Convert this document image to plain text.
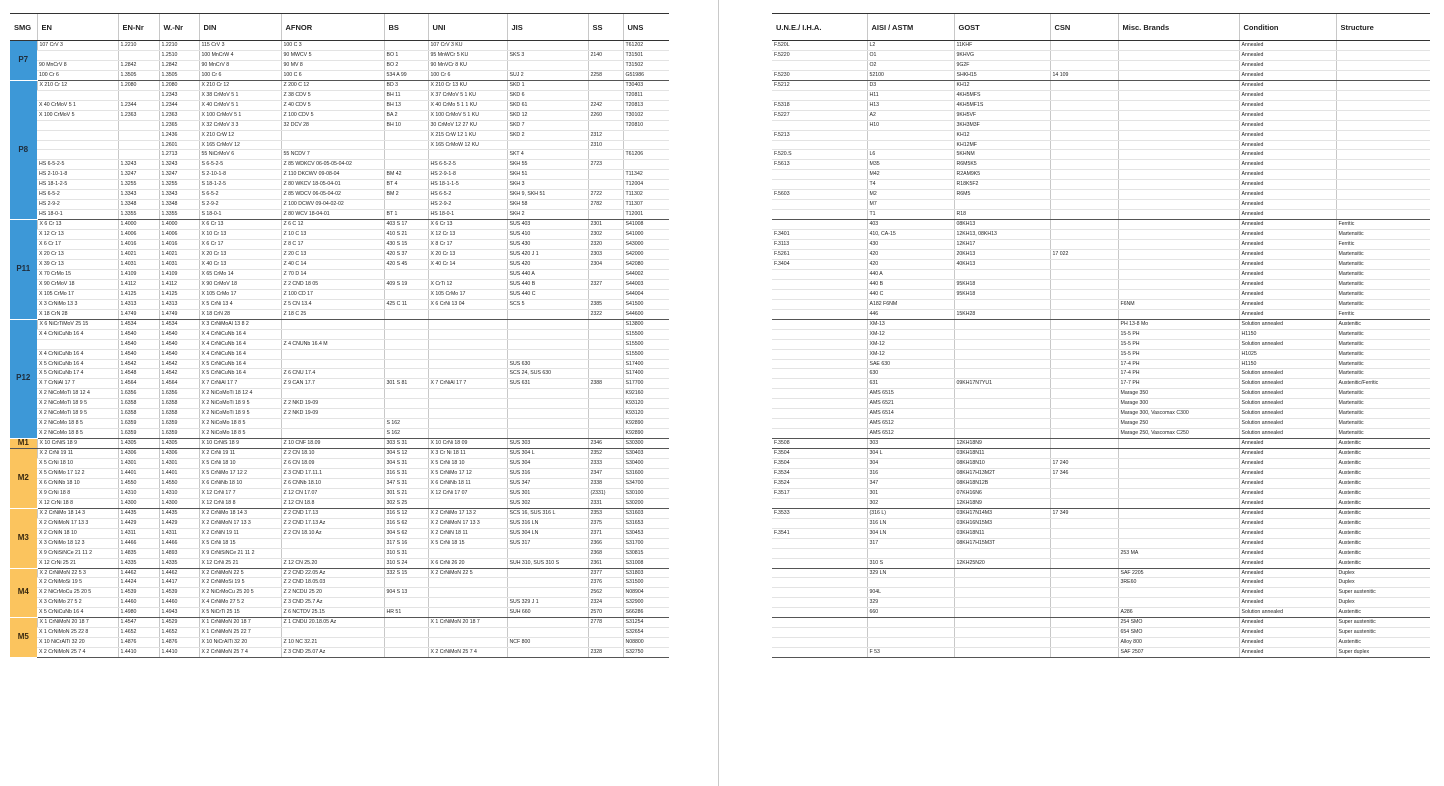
SMG	EN	EN-Nr	W.-Nr	DIN	AFNOR	BS	UNI	JIS	SS	UNS
P7	107 CrV 3	1.2210	1.2210	115 CrV 3	100 C 3		107 CrV 3 KU			T61202
			1.2510	100 MnCrW 4	90 MWCV 5	BO 1	95 MnWCr 5 KU	SKS 3	2140	T31501
	90 MnCrV 8	1.2842	1.2842	90 MnCrV 8	90 MV 8	BO 2	90 MnVCr 8 KU			T31502
	100 Cr 6	1.3505	1.3505	100 Cr 6	100 C 6	534 A 99	100 Cr 6	SUJ 2	2258	G51986
P8	X 210 Cr 12	1.2080	1.2080	X 210 Cr 12	Z 200 C 12	BD 3	X 210 Cr 13 KU	SKD 1		T30403
			1.2343	X 38 CrMoV 5 1	Z 38 CDV 5	BH 11	X 37 CrMoV 5 1 KU	SKD 6		T20811
	X 40 CrMoV 5 1	1.2344	1.2344	X 40 CrMoV 5 1	Z 40 CDV 5	BH 13	X 40 CrMo 5 1 1 KU	SKD 61	2242	T20813
	X 100 CrMoV 5	1.2363	1.2363	X 100 CrMoV 5 1	Z 100 CDV 5	BA 2	X 100 CrMoV 5 1 KU	SKD 12	2260	T30102
			1.2365	X 32 CrMoV 3 3	32 DCV 28	BH 10	30 CrMoV 12 27 KU	SKD 7		T20810
			1.2436	X 210 CrW 12			X 215 CrW 12 1 KU	SKD 2	2312	
			1.2601	X 165 CrMoV 12			X 165 CrMoW 12 KU		2310	
			1.2713	55 NiCrMoV 6	55 NCDV 7			SKT 4		T61206
	HS 6-5-2-5	1.3243	1.3243	S 6-5-2-5	Z 85 WDKCV 06-05-05-04-02		HS 6-5-2-5	SKH 55	2723	
	HS 2-10-1-8	1.3247	1.3247	S 2-10-1-8	Z 110 DKCWV 09-08-04	BM 42	HS 2-9-1-8	SKH 51		T11342
	HS 18-1-2-5	1.3255	1.3255	S 18-1-2-5	Z 80 WKCV 18-05-04-01	BT 4	HS 18-1-1-5	SKH 3		T12004
	HS 6-5-2	1.3343	1.3343	S 6-5-2	Z 85 WDCV 06-05-04-02	BM 2	HS 6-5-2	SKH 9, SKH 51	2722	T11302
	HS 2-9-2	1.3348	1.3348	S 2-9-2	Z 100 DCWV 09-04-02-02		HS 2-9-2	SKH 58	2782	T11307
	HS 18-0-1	1.3355	1.3355	S 18-0-1	Z 80 WCV 18-04-01	BT 1	HS 18-0-1	SKH 2		T12001
P11	X 6 Cr 13	1.4000	1.4000	X 6 Cr 13	Z 6 C 12	403 S 17	X 6 Cr 13	SUS 403	2301	S41008
	X 12 Cr 13	1.4006	1.4006	X 10 Cr 13	Z 10 C 13	410 S 21	X 12 Cr 13	SUS 410	2302	S41000
	X 6 Cr 17	1.4016	1.4016	X 6 Cr 17	Z 8 C 17	430 S 15	X 8 Cr 17	SUS 430	2320	S43000
	X 20 Cr 13	1.4021	1.4021	X 20 Cr 13	Z 20 C 13	420 S 37	X 20 Cr 13	SUS 420 J 1	2303	S42000
	X 39 Cr 13	1.4031	1.4031	X 40 Cr 13	Z 40 C 14	420 S 45	X 40 Cr 14	SUS 420	2304	S42080
	X 70 CrMo 15	1.4109	1.4109	X 65 CrMo 14	Z 70 D 14			SUS 440 A		S44002
	X 90 CrMoV 18	1.4112	1.4112	X 90 CrMoV 18	Z 2 CND 18 05	409 S 19	X CrTi 12	SUS 440 B	2327	S44003
	X 105 CrMo 17	1.4125	1.4125	X 105 CrMo 17	Z 100 CD 17		X 105 CrMo 17	SUS 440 C		S44004
	X 3 CrNiMo 13 3	1.4313	1.4313	X 5 CrNi 13 4	Z 5 CN 13.4	425 C 11	X 6 CrNi 13 04	SCS 5	2385	S41500
	X 18 CrN 28	1.4749	1.4749	X 18 CrN 28	Z 18 C 25				2322	S44600
P12	X 6 NiCrTiMoV 25 15	1.4534	1.4534	X 3 CrNiMoAl 13 8 2						S13800
	X 4 CrNiCuNb 16 4	1.4540	1.4540	X 4 CrNiCuNb 16 4						S15500
		1.4540	1.4540	X 4 CrNiCuNb 16 4	Z 4 CNUNb 16.4 M					S15500
	X 4 CrNiCuNb 16 4	1.4540	1.4540	X 4 CrNiCuNb 16 4						S15500
	X 5 CrNiCuNb 16 4	1.4542	1.4542	X 5 CrNiCuNb 16 4				SUS 630		S17400
	X 5 CrNiCuNb 17 4	1.4548	1.4542	X 5 CrNiCuNb 16 4	Z 6 CNU 17.4			SCS 24, SUS 630		S17400
	X 7 CrNiAl 17 7	1.4564	1.4564	X 7 CrNiAl 17 7	Z 9 CAN 17.7	301 S 81	X 7 CrNiAl 17 7	SUS 631	2388	S17700
	X 2 NiCoMoTi 18 12 4	1.6356	1.6356	X 2 NiCoMoTi 18 12 4						K92160
	X 2 NiCoMoTi 18 9 5	1.6358	1.6358	X 2 NiCoMoTi 18 9 5	Z 2 NKD 19-09					K93120
	X 2 NiCoMoTi 18 9 5	1.6358	1.6358	X 2 NiCoMoTi 18 9 5	Z 2 NKD 19-09					K93120
	X 2 NiCoMo 18 8 5	1.6359	1.6359	X 2 NiCoMo 18 8 5		S 162				K92890
	X 2 NiCoMo 18 8 5	1.6359	1.6359	X 2 NiCoMo 18 8 5		S 162				K92890
M1	X 10 CrNiS 18 9	1.4305	1.4305	X 10 CrNiS 18 9	Z 10 CNF 18.09	303 S 31	X 10 CrNi 18 09	SUS 303	2346	S30300
M2	X 2 CrNi 19 11	1.4306	1.4306	X 2 CrNi 19 11	Z 2 CN 18.10	304 S 12	X 3 Cr Ni 18 11	SUS 304 L	2352	S30403
	X 5 CrNi 18 10	1.4301	1.4301	X 5 CrNi 18 10	Z 6 CN 18.09	304 S 31	X 5 CrNi 18 10	SUS 304	2333	S30400
	X 5 CrNiMo 17 12 2	1.4401	1.4401	X 5 CrNiMo 17 12 2	Z 3 CND 17.11.1	316 S 31	X 5 CrNiMo 17 12	SUS 316	2347	S31600
	X 6 CrNiNb 18 10	1.4550	1.4550	X 6 CrNiNb 18 10	Z 6 CNNb 18.10	347 S 31	X 6 CrNiNb 18 11	SUS 347	2338	S34700
	X 9 CrNi 18 8	1.4310	1.4310	X 12 CrNi 17 7	Z 12 CN 17.07	301 S 21	X 12 CrNi 17 07	SUS 301	(2331)	S30100
	X 12 CrNi 18 8	1.4300	1.4300	X 12 CrNi 18 8	Z 12 CN 18.8	302 S 25		SUS 302	2331	S30200
M3	X 2 CrNiMo 18 14 3	1.4435	1.4435	X 2 CrNiMo 18 14 3	Z 2 CND 17.13	316 S 12	X 2 CrNiMo 17 13 2	SCS 16, SUS 316 L	2353	S31603
	X 2 CrNiMoN 17 13 3	1.4429	1.4429	X 2 CrNiMoN 17 13 3	Z 2 CND 17.13 Az	316 S 62	X 2 CrNiMoN 17 13 3	SUS 316 LN	2375	S31653
	X 2 CrNiN 18 10	1.4311	1.4311	X 2 CrNiN 19 11	Z 2 CN 18.10 Az	304 S 62	X 2 CrNiN 18 11	SUS 304 LN	2371	S30453
	X 3 CrNiMo 18 12 3	1.4466	1.4466	X 5 CrNi 18 15		317 S 16	X 5 CrNi 18 15	SUS 317	2366	S31700
	X 9 CrNiSiNCe 21 11 2	1.4835	1.4893	X 9 CrNiSiNCe 21 11 2		310 S 31			2368	S30815
	X 12 CrNi 25 21	1.4335	1.4335	X 12 CrNi 25 21	Z 12 CN 25.20	310 S 24	X 6 CrNi 26 20	SUH 310, SUS 310 S	2361	S31008
M4	X 2 CrNiMoN 22 5 3	1.4462	1.4462	X 2 CrNiMoN 22 5	Z 2 CND 22.05 Az	332 S 15	X 2 CrNiMoN 22 5		2377	S31803
	X 2 CrNiMoSi 19 5	1.4424	1.4417	X 2 CrNiMoSi 19 5	Z 2 CND 18.05.03				2376	S31500
	X 2 NiCrMoCu 25 20 5	1.4539	1.4539	X 2 NiCrMoCu 25 20 5	Z 2 NCDU 25 20	904 S 13			2562	N08904
	X 3 CrNiMo 27 5 2	1.4460	1.4460	X 4 CrNiMo 27 5 2	Z 3 CND 25.7 Az			SUS 329 J 1	2324	S32900
	X 5 CrNiCuNb 16 4	1.4980	1.4943	X 5 NiCrTi 25 15	Z 6 NCTDV 25.15	HR 51		SUH 660	2570	S66286
M5	X 1 CrNiMoN 20 18 7	1.4547	1.4529	X 1 CrNiMoN 20 18 7	Z 1 CNDU 20.18.05 Az		X 1 CrNiMoN 20 18 7		2778	S31254
	X 1 CrNiMoN 25 22 8	1.4652	1.4652	X 1 CrNiMoN 25 22 7						S32654
	X 10 NiCrAlTi 32 20	1.4876	1.4876	X 10 NiCrAlTi 32 20	Z 10 NC 32.21			NCF 800		N08800
	X 2 CrNiMoN 25 7 4	1.4410	1.4410	X 2 CrNiMoN 25 7 4	Z 3 CND 25.07 Az		X 2 CrNiMoN 25 7 4		2328	S32750
U.N.E./ I.H.A.	AISI / ASTM	GOST	CSN	Misc. Brands	Condition	Structure
F.520L	L2	11KHF			Annealed	
F.5220	O1	9KHVG			Annealed	
	O2	9G2F			Annealed	
F.5230	52100	SHKH15	14 109		Annealed	
F.5212	D3	KH12			Annealed	
	H11	4KH5MFS			Annealed	
F.5318	H13	4KH5MF1S			Annealed	
F.5227	A2	9KH5VF			Annealed	
	H10	3KH3M3F			Annealed	
F.5213		KH12			Annealed	
		KH12MF			Annealed	
F.520.S	L6	5KHNM			Annealed	
F.5613	M35	R6M5K5			Annealed	
	M42	R2AM9K5			Annealed	
	T4	R18K5F2			Annealed	
F.5603	M2	R6M5			Annealed	
	M7				Annealed	
	T1	R18			Annealed	
	403	08KH13			Annealed	Ferritic
F.3401	410, CA-15	12KH13, 08KH13			Annealed	Martensitic
F.3113	430	12KH17			Annealed	Ferritic
F.5261	420	20KH13	17 022		Annealed	Martensitic
F.3404	420	40KH13			Annealed	Martensitic
	440 A				Annealed	Martensitic
	440 B	95KH18			Annealed	Martensitic
	440 C	95KH18			Annealed	Martensitic
	A182 F6NM			F6NM	Annealed	Martensitic
	446	15KH28			Annealed	Ferritic
	XM-13			PH 13-8 Mo	Solution annealed	Austenitic
	XM-12			15-5 PH	H1150	Martensitic
	XM-12			15-5 PH	Solution annealed	Martensitic
	XM-12			15-5 PH	H1025	Martensitic
	SAE 630			17-4 PH	H1150	Martensitic
	630			17-4 PH	Solution annealed	Martensitic
	631	09KH17N7YU1		17-7 PH	Solution annealed	Austenitic/Ferritic
	AMS 6515			Marage 350	Solution annealed	Martensitic
	AMS 6521			Marage 300	Solution annealed	Martensitic
	AMS 6514			Marage 300, Vascomax C300	Solution annealed	Martensitic
	AMS 6512			Marage 250	Solution annealed	Martensitic
	AMS 6512			Marage 250, Vascomax C250	Solution annealed	Martensitic
F.3508	303	12KH18N9			Annealed	Austenitic
F.3504	304 L	03KH18N11			Annealed	Austenitic
F.3504	304	08KH18N10	17 240		Annealed	Austenitic
F.3534	316	08KH17H13M2T	17 346		Annealed	Austenitic
F.3524	347	08KH18N12B			Annealed	Austenitic
F.3517	301	07KH16N6			Annealed	Austenitic
	302	12KH18N9			Annealed	Austenitic
F.3533	(316 L)	03KH17N14M3	17 349		Annealed	Austenitic
	316 LN	03KH16N15M3			Annealed	Austenitic
F.3541	304 LN	03KH18N11			Annealed	Austenitic
	317	08KH17H15M3T			Annealed	Austenitic
				253 MA	Annealed	Austenitic
	310 S	12KH25N20			Annealed	Austenitic
	329 LN			SAF 2205	Annealed	Duplex
				3RE60	Annealed	Duplex
	904L				Annealed	Super austenitic
	329				Annealed	Duplex
	660			A286	Solution annealed	Austenitic
				254 SMO	Annealed	Super austenitic
				654 SMO	Annealed	Super austenitic
				Alloy 800	Annealed	Austenitic
	F 53			SAF 2507	Annealed	Super duplex
